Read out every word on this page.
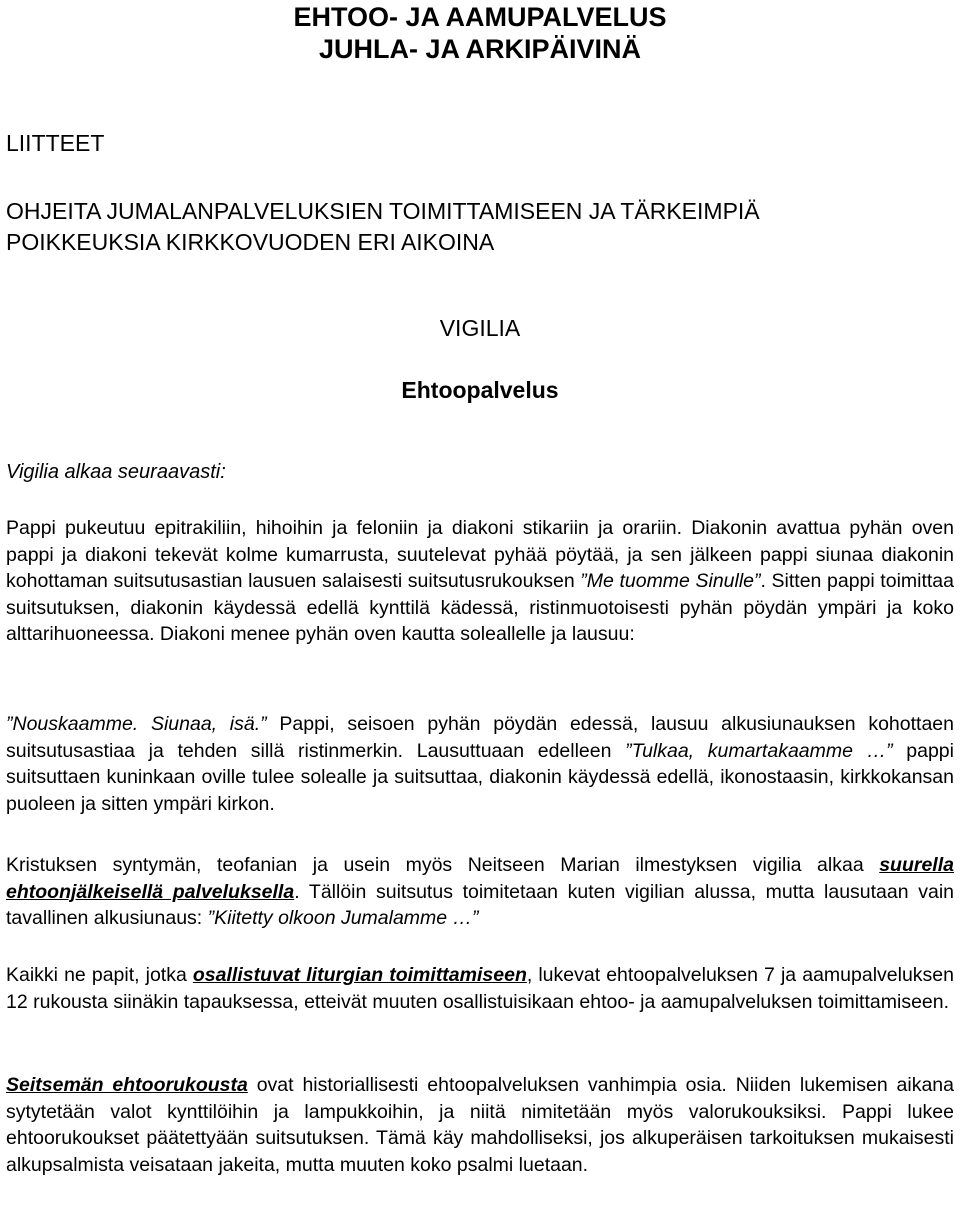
EHTOO- JA AAMUPALVELUS
JUHLA- JA ARKIPÄIVINÄ
LIITTEET
OHJEITA JUMALANPALVELUKSIEN TOIMITTAMISEEN JA TÄRKEIMPIÄ
POIKKEUKSIA KIRKKOVUODEN ERI AIKOINA
VIGILIA
Ehtoopalvelus

Vigilia alkaa seuraavasti:

Pappi pukeutuu epitrakiliin, hihoihin ja feloniin ja diakoni stikariin ja orariin. Diakonin avattua pyhän oven pappi ja diakoni tekevät kolme kumarrusta, suutelevat pyhää pöytää, ja sen jälkeen pappi siunaa diakonin kohottaman suitsutusastian lausuen salaisesti suitsutusrukouksen ”Me tuomme Sinulle”. Sitten pappi toimittaa suitsutuksen, diakonin käydessä edellä kynttilä kädessä, ristinmuotoisesti pyhän pöydän ympäri ja koko alttarihuoneessa. Diakoni menee pyhän oven kautta soleallelle ja lausuu:

”Nouskaamme. Siunaa, isä.” Pappi, seisoen pyhän pöydän edessä, lausuu alkusiunauksen kohottaen suitsutusastiaa ja tehden sillä ristinmerkin. Lausuttuaan edelleen ”Tulkaa, kumartakaamme …” pappi suitsuttaen kuninkaan oville tulee solealle ja suitsuttaa, diakonin käydessä edellä, ikonostaasin, kirkkokansan puoleen ja sitten ympäri kirkon.

Kristuksen syntymän, teofanian ja usein myös Neitseen Marian ilmestyksen vigilia alkaa suurella ehtoonjälkeisellä palveluksella. Tällöin suitsutus toimitetaan kuten vigilian alussa, mutta lausutaan vain tavallinen alkusiunaus: ”Kiitetty olkoon Jumalamme …”

Kaikki ne papit, jotka osallistuvat liturgian toimittamiseen, lukevat ehtoopalveluksen 7 ja aamupalveluksen 12 rukousta siinäkin tapauksessa, etteivät muuten osallistuisikaan ehtoo- ja aamupalveluksen toimittamiseen.

Seitsemän ehtoorukousta ovat historiallisesti ehtoopalveluksen vanhimpia osia. Niiden lukemisen aikana sytytetään valot kynttilöihin ja lampukkoihin, ja niitä nimitetään myös valorukouksiksi. Pappi lukee ehtoorukoukset päätettyään suitsutuksen. Tämä käy mahdolliseksi, jos alkuperäisen tarkoituksen mukaisesti alkupsalmista veisataan jakeita, mutta muuten koko psalmi luetaan.
